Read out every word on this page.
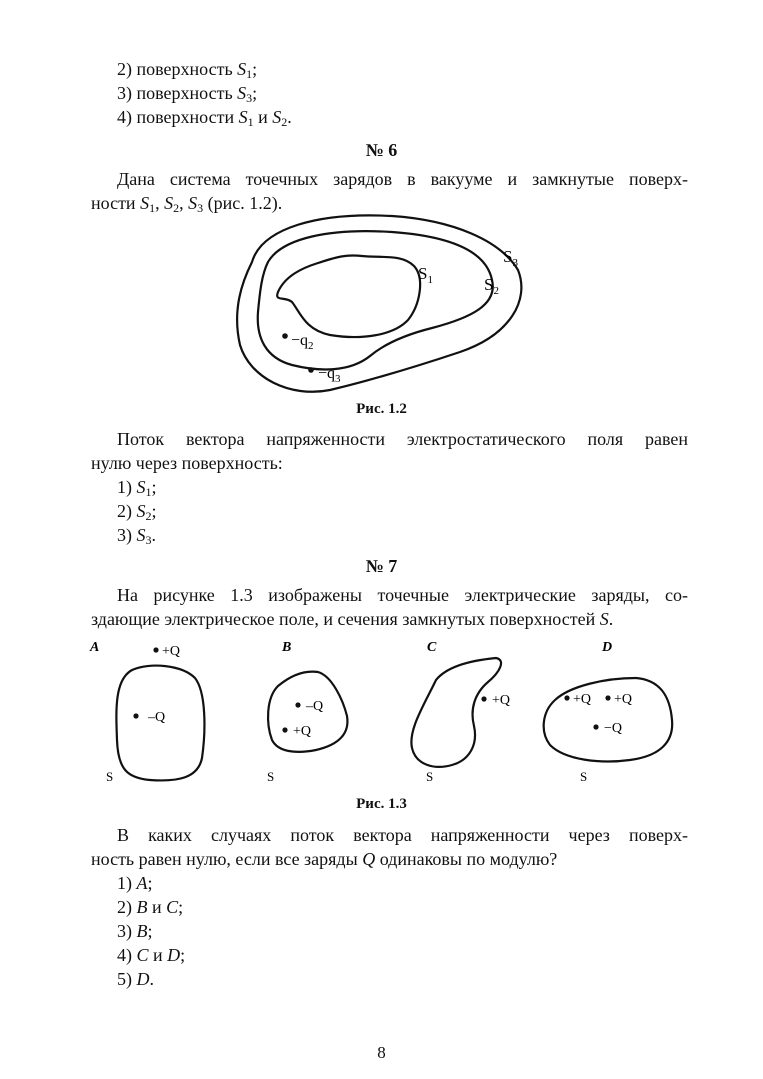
2) поверхность $S_1$;
3) поверхность $S_3$;
4) поверхности $S_1$ и $S_2$.
№ 6
Дана система точечных зарядов в вакууме и замкнутые поверх-
ности $S_1$, $S_2$, $S_3$ (рис. 1.2).
$S_1$	$S_2$
$S_3$
$-q_2$
$-q_3$
Рис. 1.2
Поток вектора напряженности электростатического поля равен
нулю через поверхность:
1) $S_1$;
2) $S_2$;
3) $S_3$.
№ 7
На рисунке 1.3 изображены точечные электрические заряды, со-
здающие электрическое поле, и сечения замкнутых поверхностей S.
A	+Q
–Q
S
B
–Q
+Q
S
C
+Q
S
D
+Q +Q
−Q
S
Рис. 1.3
В каких случаях поток вектора напряженности через поверх-
ность равен нулю, если все заряды Q одинаковы по модулю?
1) A;
2) B и C;
3) B;
4) C и D;
5) D.
8
